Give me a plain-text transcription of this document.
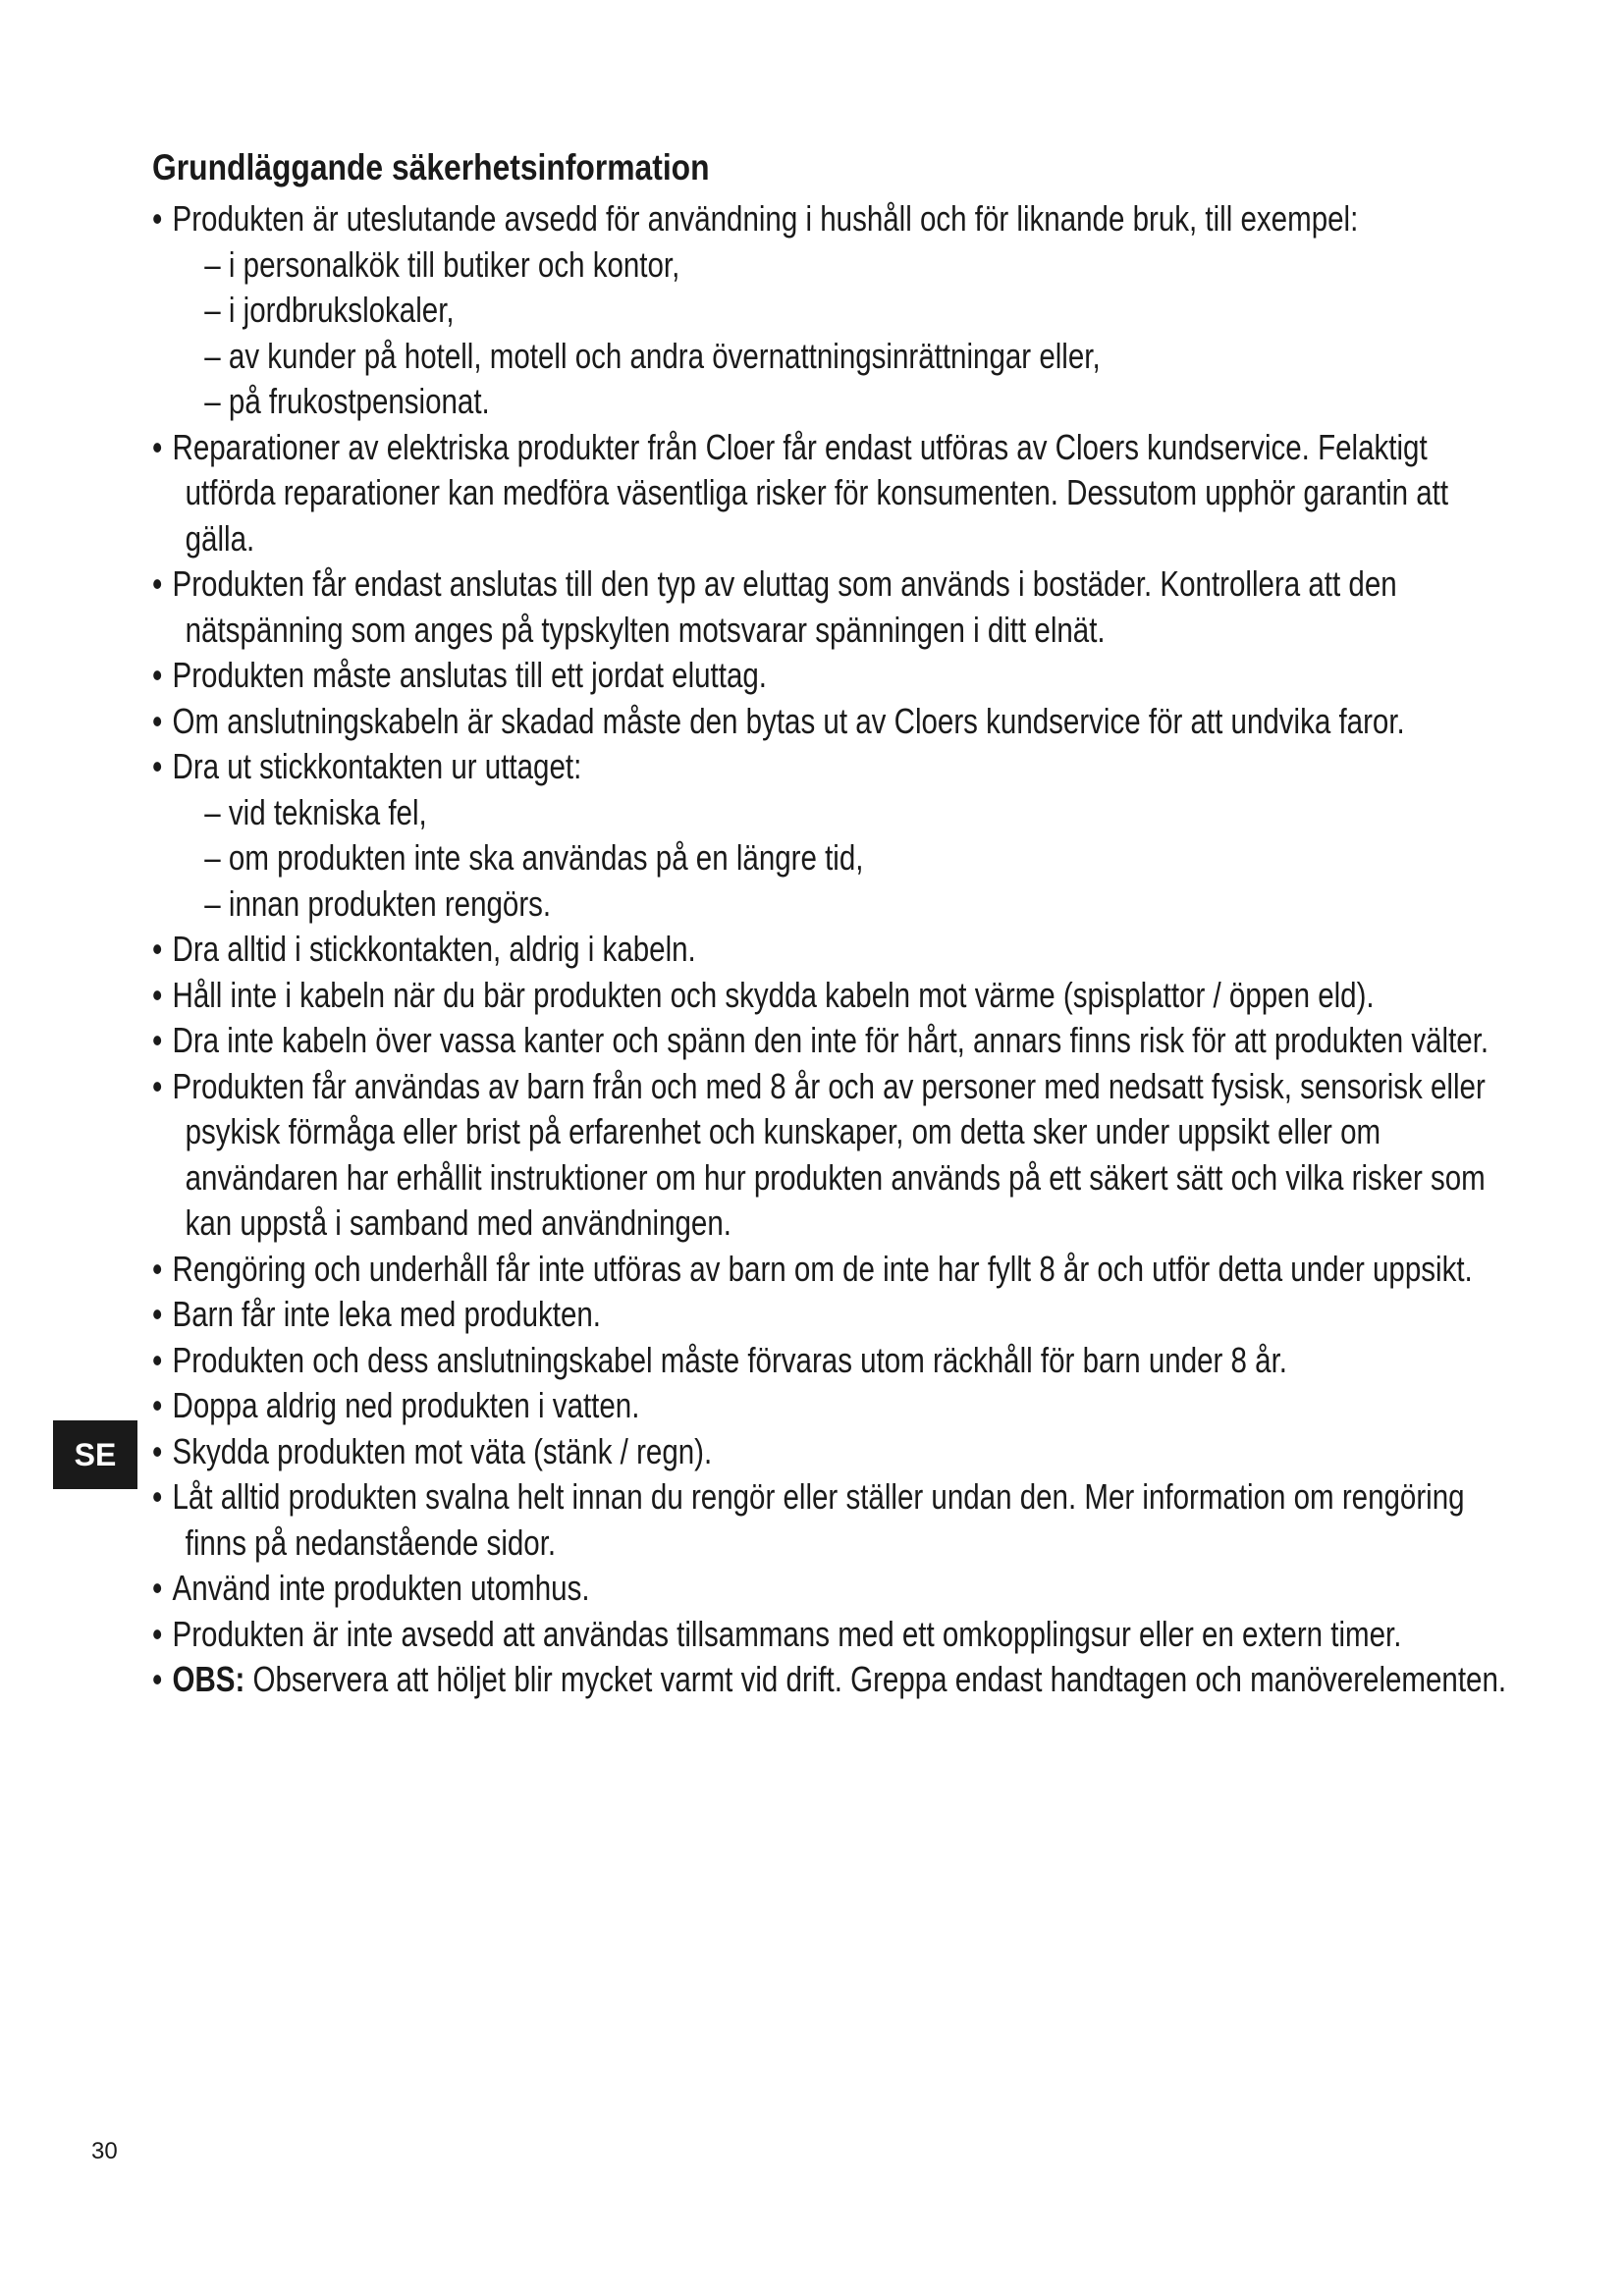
Grundläggande säkerhetsinformation
• Produkten är uteslutande avsedd för användning i hushåll och för liknande bruk, till exempel:
– i personalkök till butiker och kontor,
– i jordbrukslokaler,
– av kunder på hotell, motell och andra övernattningsinrättningar eller,
– på frukostpensionat.
• Reparationer av elektriska produkter från Cloer får endast utföras av Cloers kundservice. Felaktigt utförda reparationer kan medföra väsentliga risker för konsumenten. Dessutom upphör garantin att gälla.
• Produkten får endast anslutas till den typ av eluttag som används i bostäder. Kontrollera att den nätspänning som anges på typskylten motsvarar spänningen i ditt elnät.
• Produkten måste anslutas till ett jordat eluttag.
• Om anslutningskabeln är skadad måste den bytas ut av Cloers kundservice för att undvika faror.
• Dra ut stickkontakten ur uttaget:
– vid tekniska fel,
– om produkten inte ska användas på en längre tid,
– innan produkten rengörs.
• Dra alltid i stickkontakten, aldrig i kabeln.
• Håll inte i kabeln när du bär produkten och skydda kabeln mot värme (spisplattor / öppen eld).
• Dra inte kabeln över vassa kanter och spänn den inte för hårt, annars finns risk för att produkten välter.
• Produkten får användas av barn från och med 8 år och av personer med nedsatt fysisk, sensorisk eller psykisk förmåga eller brist på erfarenhet och kunskaper, om detta sker under uppsikt eller om användaren har erhållit instruktioner om hur produkten används på ett säkert sätt och vilka risker som kan uppstå i samband med användningen.
• Rengöring och underhåll får inte utföras av barn om de inte har fyllt 8 år och utför detta under uppsikt.
• Barn får inte leka med produkten.
• Produkten och dess anslutningskabel måste förvaras utom räckhåll för barn under 8 år.
• Doppa aldrig ned produkten i vatten.
• Skydda produkten mot väta (stänk / regn).
• Låt alltid produkten svalna helt innan du rengör eller ställer undan den. Mer information om rengöring finns på nedanstående sidor.
• Använd inte produkten utomhus.
• Produkten är inte avsedd att användas tillsammans med ett omkopplingsur eller en extern timer.
• OBS: Observera att höljet blir mycket varmt vid drift. Greppa endast handtagen och manöverelementen.
SE
30
